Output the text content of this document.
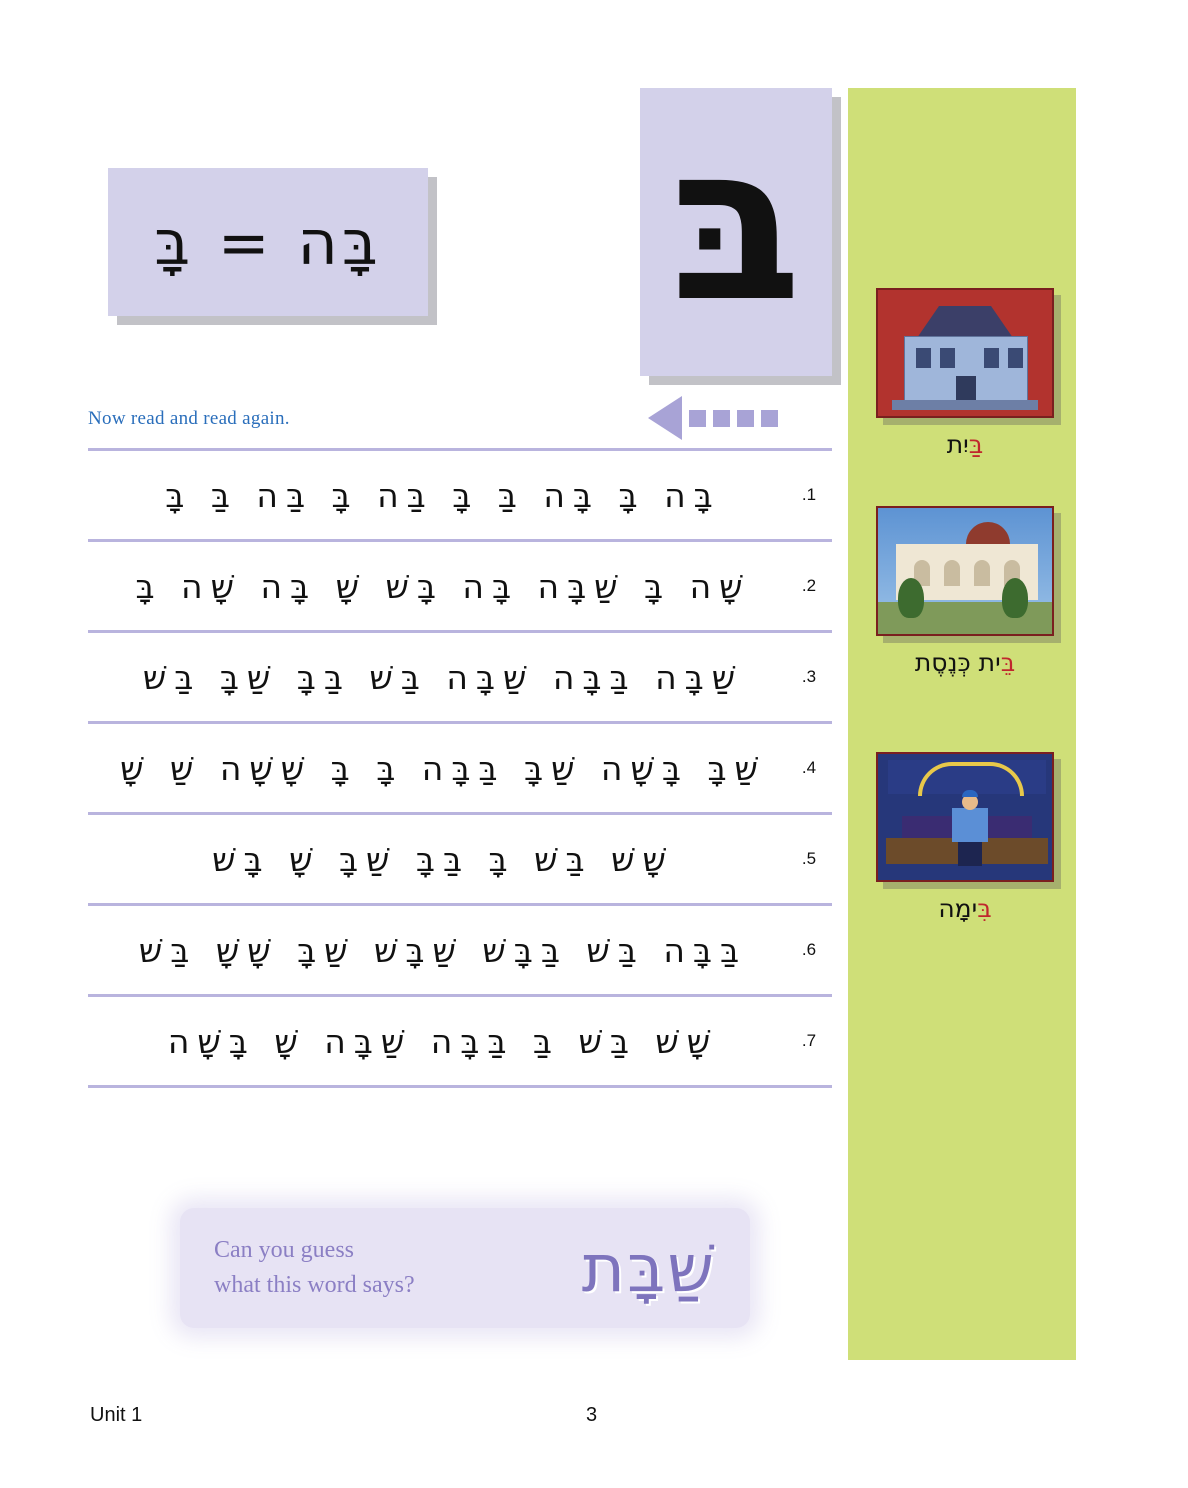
בּ
בָּה = בָּ
Now read and read again.
1.
בָּה בָּ בָּה בַּ בָּ בַּה בָּ בַּה בַּ בָּ
2.
שָׁה בָּ שַׁבָּה בָּה בָּשׁ שָׁ בָּה שָׁה בָּ
3.
שַׁבָּה בַּבָּה שַׁבָּה בַּשׁ בַּבָּ שַׁבָּ בַּשׁ
4.
שַׁבָּ בָּשָׁה שַׁבָּ בַּבָּה בָּ בָּ שָׁשָׁה שַׁ שָׁ
5.
שָׁשׁ בַּשׁ בָּ בַּבָּ שַׁבָּ שָׁ בָּשׁ
6.
בַּבָּה בַּשׁ בַּבָּשׁ שַׁבָּשׁ שַׁבָּ שָׁשָׁ בַּשׁ
7.
שָׁשׁ בַּשׁ בַּ בַּבָּה שַׁבָּה שָׁ בָּשָׁה
Can you guess
what this word says?	שַׁבָּת
בַּיִת
בֵּית כְּנֶסֶת
בִּימָה
Unit 1	3
